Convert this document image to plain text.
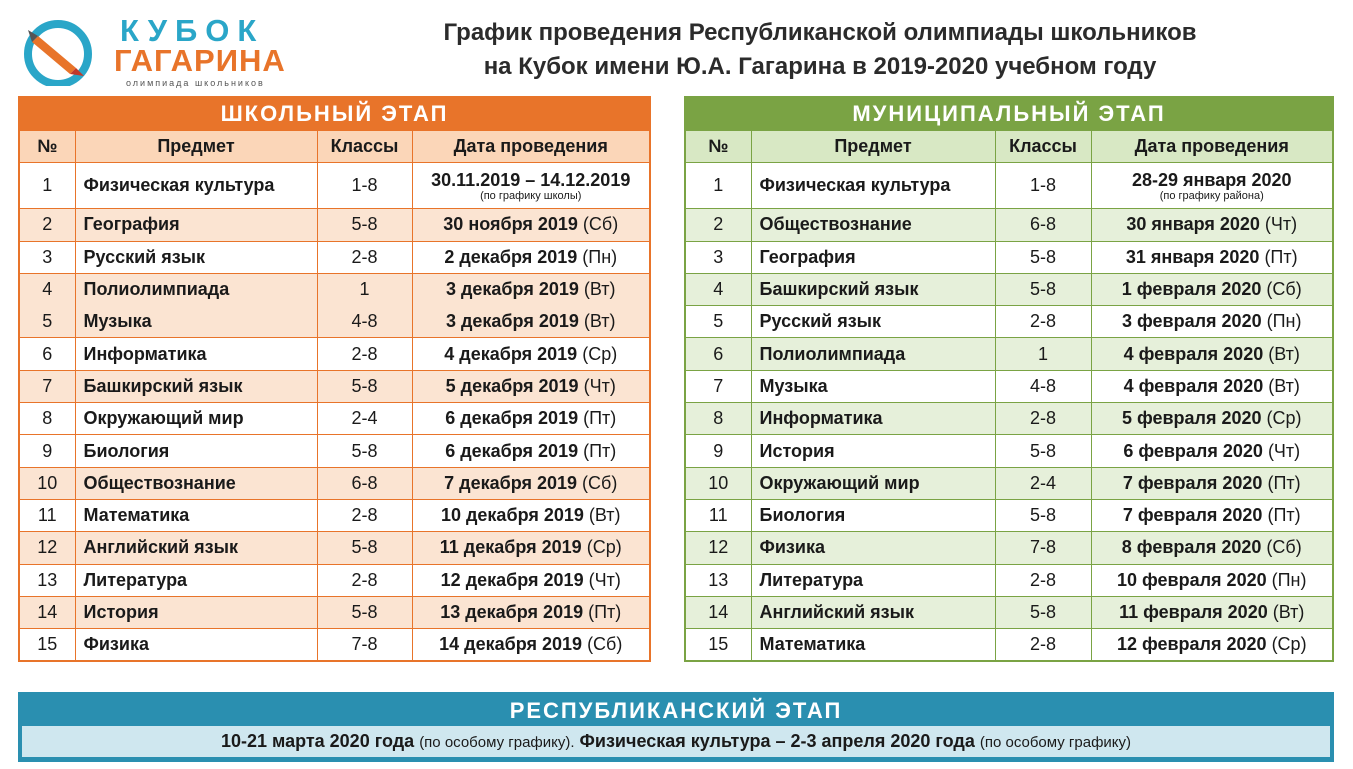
КУБОК
ГАГАРИНА
олимпиада школьников
График проведения Республиканской олимпиады школьников
на Кубок имени Ю.А. Гагарина в 2019-2020 учебном году
ШКОЛЬНЫЙ ЭТАП
№	Предмет	Классы	Дата проведения
1	Физическая культура	1-8	30.11.2019 – 14.12.2019
(по графику школы)

2	География	5-8	30 ноября 2019 (Сб)
3	Русский язык	2-8	2 декабря 2019 (Пн)
4	Полиолимпиада	1	3 декабря 2019 (Вт)
5	Музыка	4-8	3 декабря 2019 (Вт)
6	Информатика	2-8	4 декабря 2019 (Ср)
7	Башкирский язык	5-8	5 декабря 2019 (Чт)
8	Окружающий мир	2-4	6 декабря 2019 (Пт)
9	Биология	5-8	6 декабря 2019 (Пт)
10	Обществознание	6-8	7 декабря 2019 (Сб)
11	Математика	2-8	10 декабря 2019 (Вт)
12	Английский язык	5-8	11 декабря 2019 (Ср)
13	Литература	2-8	12 декабря 2019 (Чт)
14	История	5-8	13 декабря 2019 (Пт)
15	Физика	7-8	14 декабря 2019 (Сб)
МУНИЦИПАЛЬНЫЙ ЭТАП
№	Предмет	Классы	Дата проведения
1	Физическая культура	1-8	28-29 января 2020
(по графику района)

2	Обществознание	6-8	30 января 2020 (Чт)
3	География	5-8	31 января 2020 (Пт)
4	Башкирский язык	5-8	1 февраля 2020 (Сб)
5	Русский язык	2-8	3 февраля 2020 (Пн)
6	Полиолимпиада	1	4 февраля 2020 (Вт)
7	Музыка	4-8	4 февраля 2020 (Вт)
8	Информатика	2-8	5 февраля 2020 (Ср)
9	История	5-8	6 февраля 2020 (Чт)
10	Окружающий мир	2-4	7 февраля 2020 (Пт)
11	Биология	5-8	7 февраля 2020 (Пт)
12	Физика	7-8	8 февраля 2020 (Сб)
13	Литература	2-8	10 февраля 2020 (Пн)
14	Английский язык	5-8	11 февраля 2020 (Вт)
15	Математика	2-8	12 февраля 2020 (Ср)
РЕСПУБЛИКАНСКИЙ ЭТАП
10-21 марта 2020 года (по особому графику). Физическая культура – 2-3 апреля 2020 года (по особому графику)
